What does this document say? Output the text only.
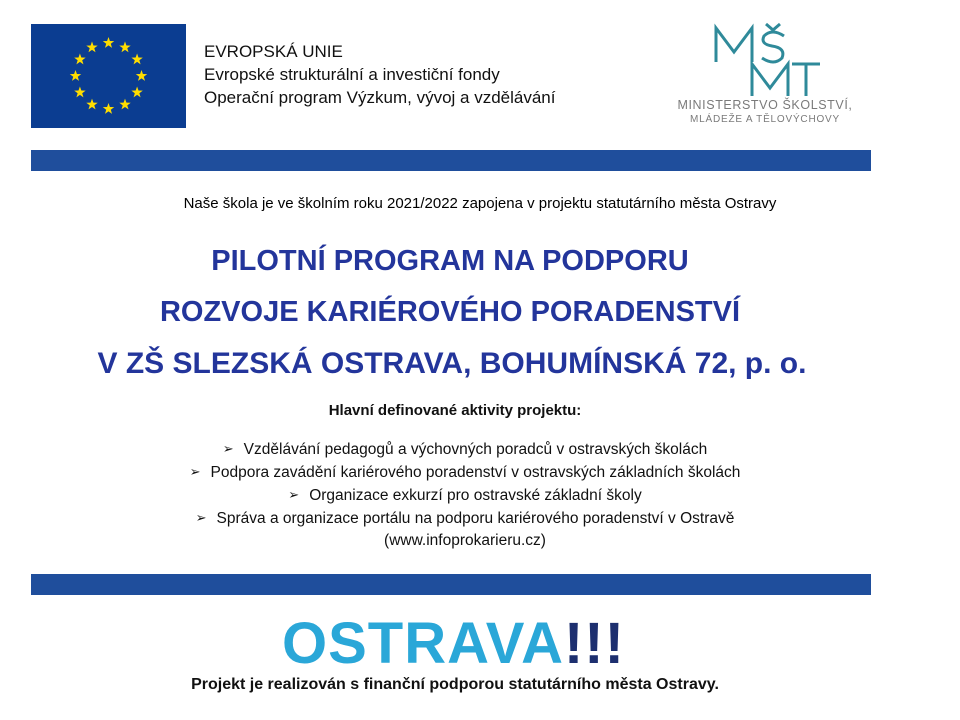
EVROPSKÁ UNIE
Evropské strukturální a investiční fondy
Operační program Výzkum, vývoj a vzdělávání	MINISTERSTVO ŠKOLSTVÍ,
MLÁDEŽE A TĚLOVÝCHOVY
Naše škola je ve školním roku 2021/2022 zapojena v projektu statutárního města Ostravy
PILOTNÍ PROGRAM NA PODPORU
ROZVOJE KARIÉROVÉHO PORADENSTVÍ
V ZŠ SLEZSKÁ OSTRAVA, BOHUMÍNSKÁ 72, p. o.
Hlavní definované aktivity projektu:
➢ Vzdělávání pedagogů a výchovných poradců v ostravských školách
➢ Podpora zavádění kariérového poradenství v ostravských základních školách
➢ Organizace exkurzí pro ostravské základní školy
➢ Správa a organizace portálu na podporu kariérového poradenství v Ostravě
(www.infoprokarieru.cz)
OSTRAVA!!!
Projekt je realizován s finanční podporou statutárního města Ostravy.
